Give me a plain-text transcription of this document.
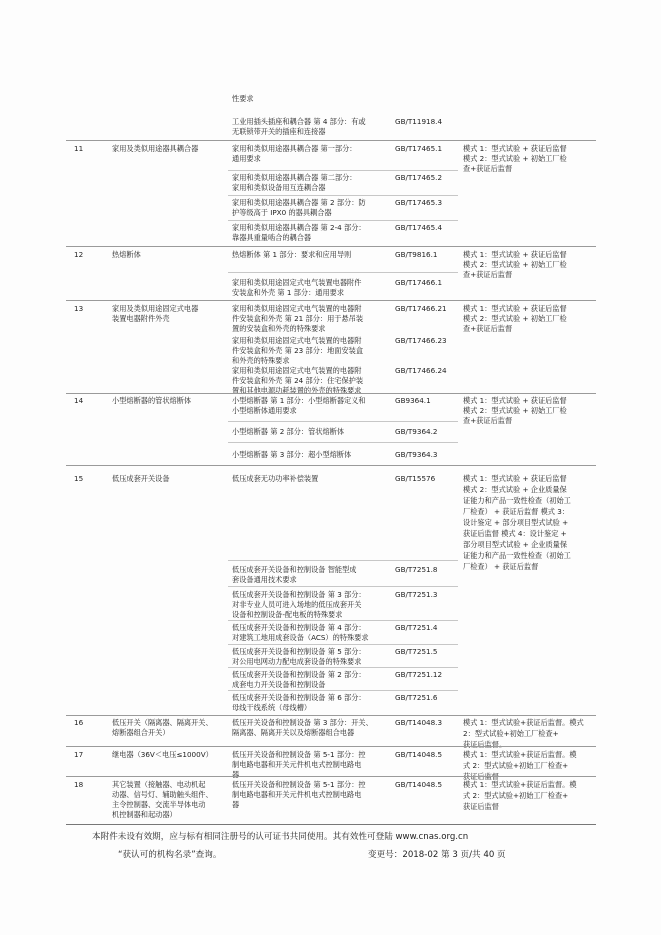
性要求
工业用插头插座和耦合器 第 4 部分：有或
无联锁带开关的插座和连接器
GB/T11918.4
11	家用及类似用途器具耦合器	家用和类似用途器具耦合器 第一部分：
通用要求
GB/T17465.1	模式 1：型式试验 + 获证后监督
模式 2：型式试验 + 初始工厂检
查+获证后监督
家用和类似用途器具耦合器 第二部分：
家用和类似设备用互连耦合器
GB/T17465.2
家用和类似用途器具耦合器 第 2 部分：防
护等级高于 IPX0 的器具耦合器
GB/T17465.3
家用和类似用途器具耦合器 第 2-4 部分：
靠器具重量啮合的耦合器
GB/T17465.4
12	热熔断体	热熔断体 第 1 部分：要求和应用导则	GB/T9816.1	模式 1：型式试验 + 获证后监督
模式 2：型式试验 + 初始工厂检
查+获证后监督
家用和类似用途固定式电气装置电器附件
安装盒和外壳 第 1 部分：通用要求
GB/T17466.1
13	家用及类似用途固定式电器
装置电器附件外壳
家用和类似用途固定式电气装置的电器附
件安装盒和外壳 第 21 部分：用于悬吊装
置的安装盒和外壳的特殊要求
GB/T17466.21 模式 1：型式试验 + 获证后监督
模式 2：型式试验 + 初始工厂检
查+获证后监督
家用和类似用途固定式电气装置的电器附
件安装盒和外壳 第 23 部分：地面安装盒
和外壳的特殊要求
GB/T17466.23
家用和类似用途固定式电气装置的电器附
件安装盒和外壳 第 24 部分：住宅保护装
置和其他电源功耗装置的外壳的特殊要求
GB/T17466.24
14	小型熔断器的管状熔断体	小型熔断器 第 1 部分：小型熔断器定义和
小型熔断体通用要求
GB9364.1	模式 1：型式试验 + 获证后监督
模式 2：型式试验 + 初始工厂检
查+获证后监督
小型熔断器 第 2 部分：管状熔断体	GB/T9364.2
小型熔断器 第 3 部分：超小型熔断体	GB/T9364.3
15	低压成套开关设备	低压成套无功功率补偿装置	GB/T15576	模式 1：型式试验 + 获证后监督
模式 2：型式试验 + 企业质量保
证能力和产品一致性检查（初始工
厂检查） + 获证后监督 模式 3：
设计鉴定 + 部分项目型式试验 +
获证后监督 模式 4：设计鉴定 +
部分项目型式试验 + 企业质量保
证能力和产品一致性检查（初始工
厂检查） + 获证后监督
低压成套开关设备和控制设备 智能型成
套设备通用技术要求
GB/T7251.8
低压成套开关设备和控制设备 第 3 部分：
对非专业人员可进入场地的低压成套开关
设备和控制设备-配电板的特殊要求
GB/T7251.3
低压成套开关设备和控制设备 第 4 部分：
对建筑工地用成套设备（ACS）的特殊要求
GB/T7251.4
低压成套开关设备和控制设备 第 5 部分：
对公用电网动力配电成套设备的特殊要求
GB/T7251.5
低压成套开关设备和控制设备 第 2 部分：
成套电力开关设备和控制设备
GB/T7251.12
低压成套开关设备和控制设备 第 6 部分：
母线干线系统（母线槽）
GB/T7251.6
16	低压开关（隔离器、隔离开关、
熔断器组合开关）
低压开关设备和控制设备 第 3 部分：开关、
隔离器、隔离开关以及熔断器组合电器
GB/T14048.3	模式 1：型式试验+获证后监督。模式
2：型式试验+初始工厂检查+
获证后监督。
17	继电器（36V＜电压≤1000V）	低压开关设备和控制设备 第 5-1 部分：控
制电路电器和开关元件机电式控制电路电
器
GB/T14048.5	模式 1：型式试验+获证后监督。模
式 2：型式试验+初始工厂检查+
获证后监督
18	其它装置（接触器、电动机起
动器、信号灯、辅助触头组件、
主令控制器、交流半导体电动
机控制器和起动器）
低压开关设备和控制设备 第 5-1 部分：控
制电路电器和开关元件机电式控制电路电
器
GB/T14048.5	模式 1：型式试验+获证后监督。模
式 2：型式试验+初始工厂检查+
获证后监督
本附件未设有效期，应与标有相同注册号的认可证书共同使用。其有效性可登陆 www.cnas.org.cn
“获认可的机构名录”查询。	变更号：2018-02 第 3 页/共 40 页
